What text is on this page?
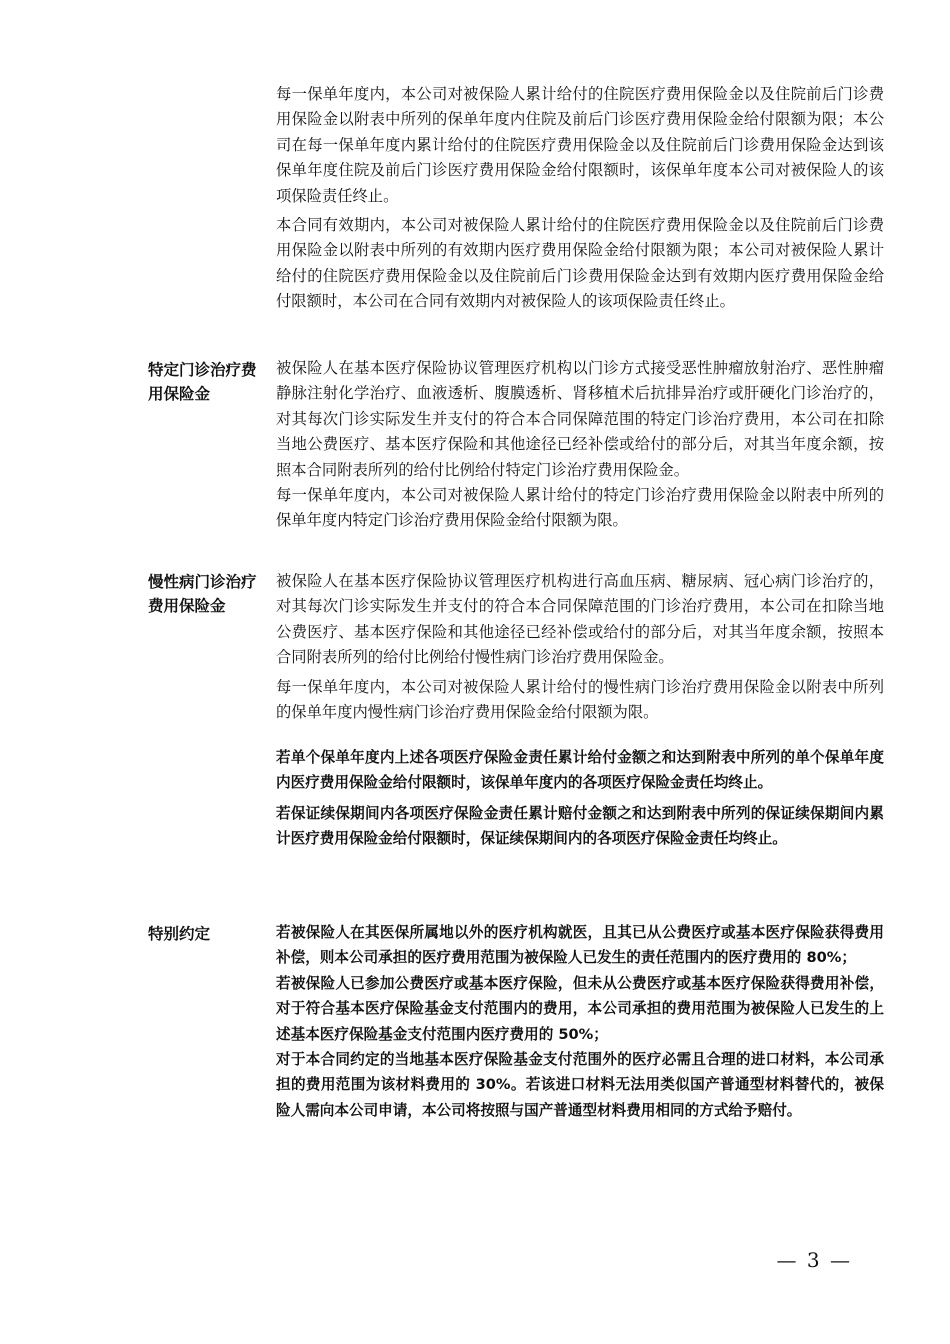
每一保单年度内，本公司对被保险人累计给付的住院医疗费用保险金以及住院前后门诊费用保险金以附表中所列的保单年度内住院及前后门诊医疗费用保险金给付限额为限；本公司在每一保单年度内累计给付的住院医疗费用保险金以及住院前后门诊费用保险金达到该保单年度住院及前后门诊医疗费用保险金给付限额时，该保单年度本公司对被保险人的该项保险责任终止。

本合同有效期内，本公司对被保险人累计给付的住院医疗费用保险金以及住院前后门诊费用保险金以附表中所列的有效期内医疗费用保险金给付限额为限；本公司对被保险人累计给付的住院医疗费用保险金以及住院前后门诊费用保险金达到有效期内医疗费用保险金给付限额时，本公司在合同有效期内对被保险人的该项保险责任终止。

特定门诊治疗费用保险金

被保险人在基本医疗保险协议管理医疗机构以门诊方式接受恶性肿瘤放射治疗、恶性肿瘤静脉注射化学治疗、血液透析、腹膜透析、肾移植术后抗排异治疗或肝硬化门诊治疗的，对其每次门诊实际发生并支付的符合本合同保障范围的特定门诊治疗费用，本公司在扣除当地公费医疗、基本医疗保险和其他途径已经补偿或给付的部分后，对其当年度余额，按照本合同附表所列的给付比例给付特定门诊治疗费用保险金。

每一保单年度内，本公司对被保险人累计给付的特定门诊治疗费用保险金以附表中所列的保单年度内特定门诊治疗费用保险金给付限额为限。

慢性病门诊治疗费用保险金

被保险人在基本医疗保险协议管理医疗机构进行高血压病、糖尿病、冠心病门诊治疗的，对其每次门诊实际发生并支付的符合本合同保障范围的门诊治疗费用，本公司在扣除当地公费医疗、基本医疗保险和其他途径已经补偿或给付的部分后，对其当年度余额，按照本合同附表所列的给付比例给付慢性病门诊治疗费用保险金。

每一保单年度内，本公司对被保险人累计给付的慢性病门诊治疗费用保险金以附表中所列的保单年度内慢性病门诊治疗费用保险金给付限额为限。

若单个保单年度内上述各项医疗保险金责任累计给付金额之和达到附表中所列的单个保单年度内医疗费用保险金给付限额时，该保单年度内的各项医疗保险金责任均终止。

若保证续保期间内各项医疗保险金责任累计赔付金额之和达到附表中所列的保证续保期间内累计医疗费用保险金给付限额时，保证续保期间内的各项医疗保险金责任均终止。

特别约定	若被保险人在其医保所属地以外的医疗机构就医，且其已从公费医疗或基本医疗保险获得费用补偿，则本公司承担的医疗费用范围为被保险人已发生的责任范围内的医疗费用的 80%；

若被保险人已参加公费医疗或基本医疗保险，但未从公费医疗或基本医疗保险获得费用补偿，对于符合基本医疗保险基金支付范围内的费用，本公司承担的费用范围为被保险人已发生的上述基本医疗保险基金支付范围内医疗费用的 50%；

对于本合同约定的当地基本医疗保险基金支付范围外的医疗必需且合理的进口材料，本公司承担的费用范围为该材料费用的 30%。若该进口材料无法用类似国产普通型材料替代的，被保险人需向本公司申请，本公司将按照与国产普通型材料费用相同的方式给予赔付。

— 3 —
